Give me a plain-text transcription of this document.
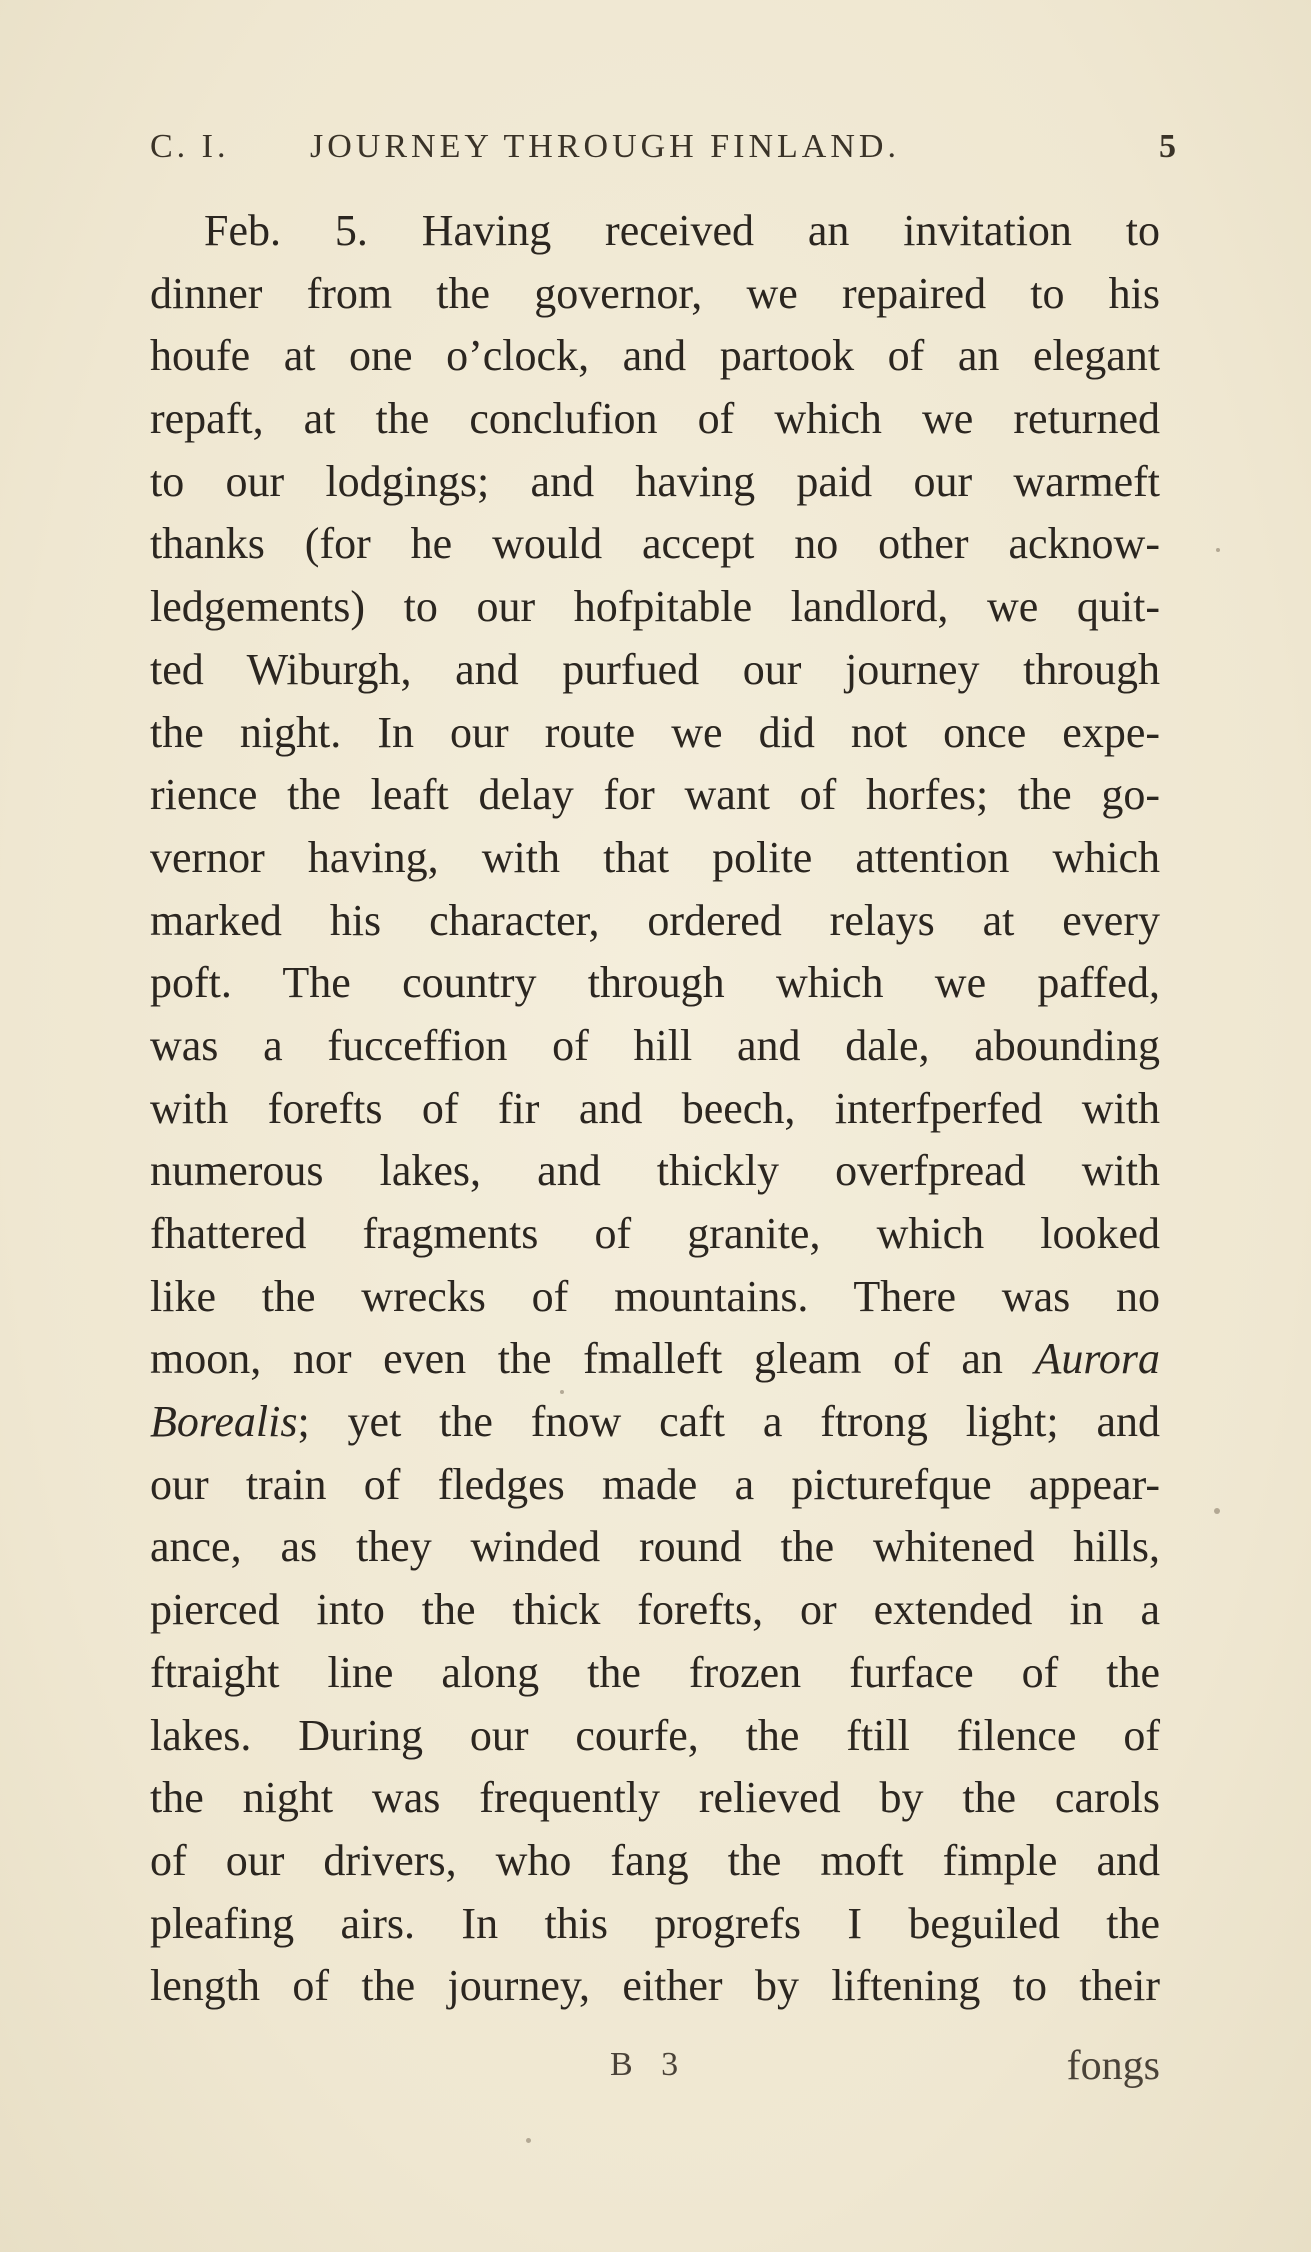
C. I. JOURNEY THROUGH FINLAND.	5
Feb. 5. Having received an invitation to
dinner from the governor, we repaired to his
houfe at one o’clock, and partook of an elegant
repaft, at the conclufion of which we returned
to our lodgings; and having paid our warmeft
thanks (for he would accept no other acknow-
ledgements) to our hofpitable landlord, we quit-
ted Wiburgh, and purfued our journey through
the night. In our route we did not once expe-
rience the leaft delay for want of horfes; the go-
vernor having, with that polite attention which
marked his character, ordered relays at every
poft. The country through which we paffed,
was a fucceffion of hill and dale, abounding
with forefts of fir and beech, interfperfed with
numerous lakes, and thickly overfpread with
fhattered fragments of granite, which looked
like the wrecks of mountains. There was no
moon, nor even the fmalleft gleam of an Aurora
Borealis; yet the fnow caft a ftrong light; and
our train of fledges made a picturefque appear-
ance, as they winded round the whitened hills,
pierced into the thick forefts, or extended in a
ftraight line along the frozen furface of the
lakes. During our courfe, the ftill filence of
the night was frequently relieved by the carols
of our drivers, who fang the moft fimple and
pleafing airs. In this progrefs I beguiled the
length of the journey, either by liftening to their
B 3	fongs
